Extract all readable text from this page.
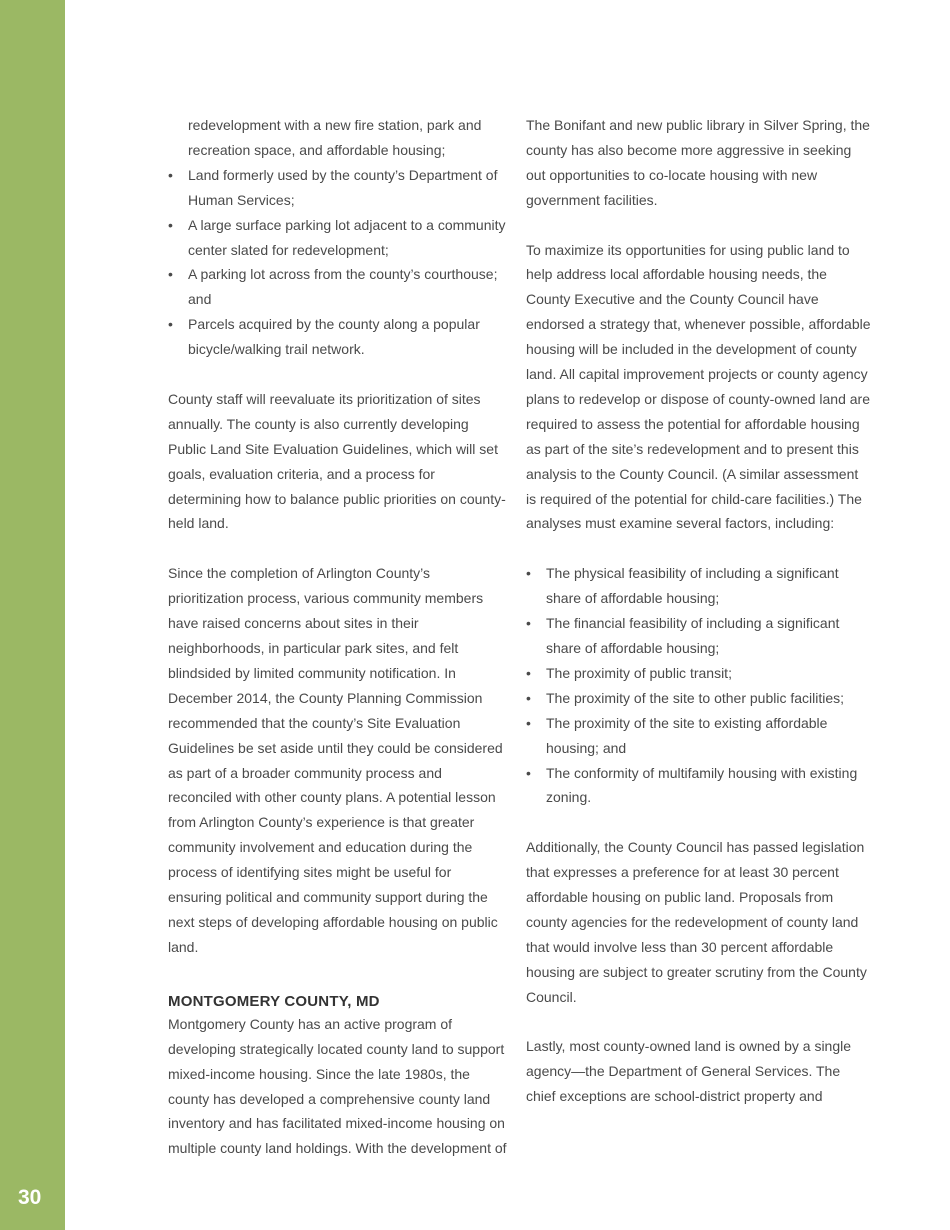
30

redevelopment with a new fire station, park and recreation space, and affordable housing;

• Land formerly used by the county’s Department of Human Services;
• A large surface parking lot adjacent to a community center slated for redevelopment;
• A parking lot across from the county’s courthouse; and
• Parcels acquired by the county along a popular bicycle/walking trail network.

County staff will reevaluate its prioritization of sites annually. The county is also currently developing Public Land Site Evaluation Guidelines, which will set goals, evaluation criteria, and a process for determining how to balance public priorities on county-held land.

Since the completion of Arlington County’s prioritization process, various community members have raised concerns about sites in their neighborhoods, in particular park sites, and felt blindsided by limited community notification. In December 2014, the County Planning Commission recommended that the county’s Site Evaluation Guidelines be set aside until they could be considered as part of a broader community process and reconciled with other county plans. A potential lesson from Arlington County’s experience is that greater community involvement and education during the process of identifying sites might be useful for ensuring political and community support during the next steps of developing affordable housing on public land.

MONTGOMERY COUNTY, MD

Montgomery County has an active program of developing strategically located county land to support mixed-income housing. Since the late 1980s, the county has developed a comprehensive county land inventory and has facilitated mixed-income housing on multiple county land holdings. With the development of

The Bonifant and new public library in Silver Spring, the county has also become more aggressive in seeking out opportunities to co-locate housing with new government facilities.

To maximize its opportunities for using public land to help address local affordable housing needs, the County Executive and the County Council have endorsed a strategy that, whenever possible, affordable housing will be included in the development of county land. All capital improvement projects or county agency plans to redevelop or dispose of county-owned land are required to assess the potential for affordable housing as part of the site’s redevelopment and to present this analysis to the County Council. (A similar assessment is required of the potential for child-care facilities.) The analyses must examine several factors, including:

• The physical feasibility of including a significant share of affordable housing;
• The financial feasibility of including a significant share of affordable housing;
• The proximity of public transit;
• The proximity of the site to other public facilities;
• The proximity of the site to existing affordable housing; and
• The conformity of multifamily housing with existing zoning.

Additionally, the County Council has passed legislation that expresses a preference for at least 30 percent affordable housing on public land. Proposals from county agencies for the redevelopment of county land that would involve less than 30 percent affordable housing are subject to greater scrutiny from the County Council.

Lastly, most county-owned land is owned by a single agency—the Department of General Services. The chief exceptions are school-district property and
